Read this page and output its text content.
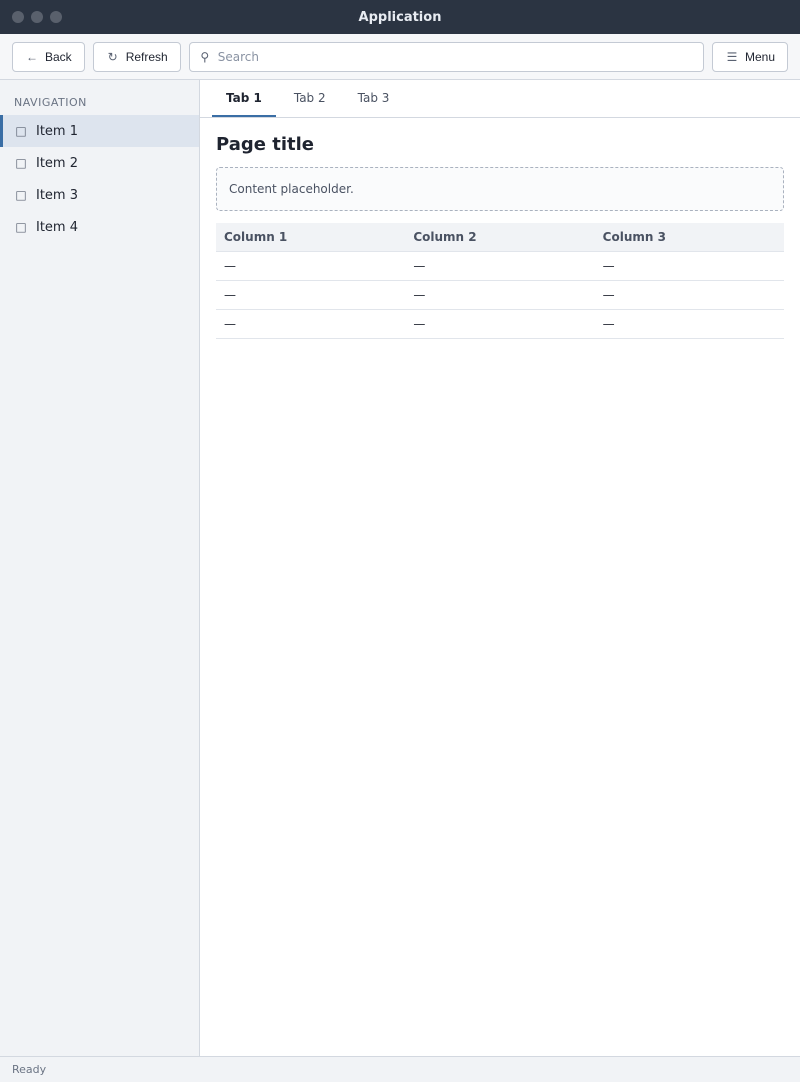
Application
← Back	↻ Refresh	⚲
Search	☰ Menu
NAVIGATION
□ Item 1
□ Item 2
□ Item 3
□ Item 4
Tab 1	Tab 2	Tab 3
Page title
Content placeholder.
Column 1	Column 2	Column 3
—	—	—
—	—	—
—	—	—
Ready
